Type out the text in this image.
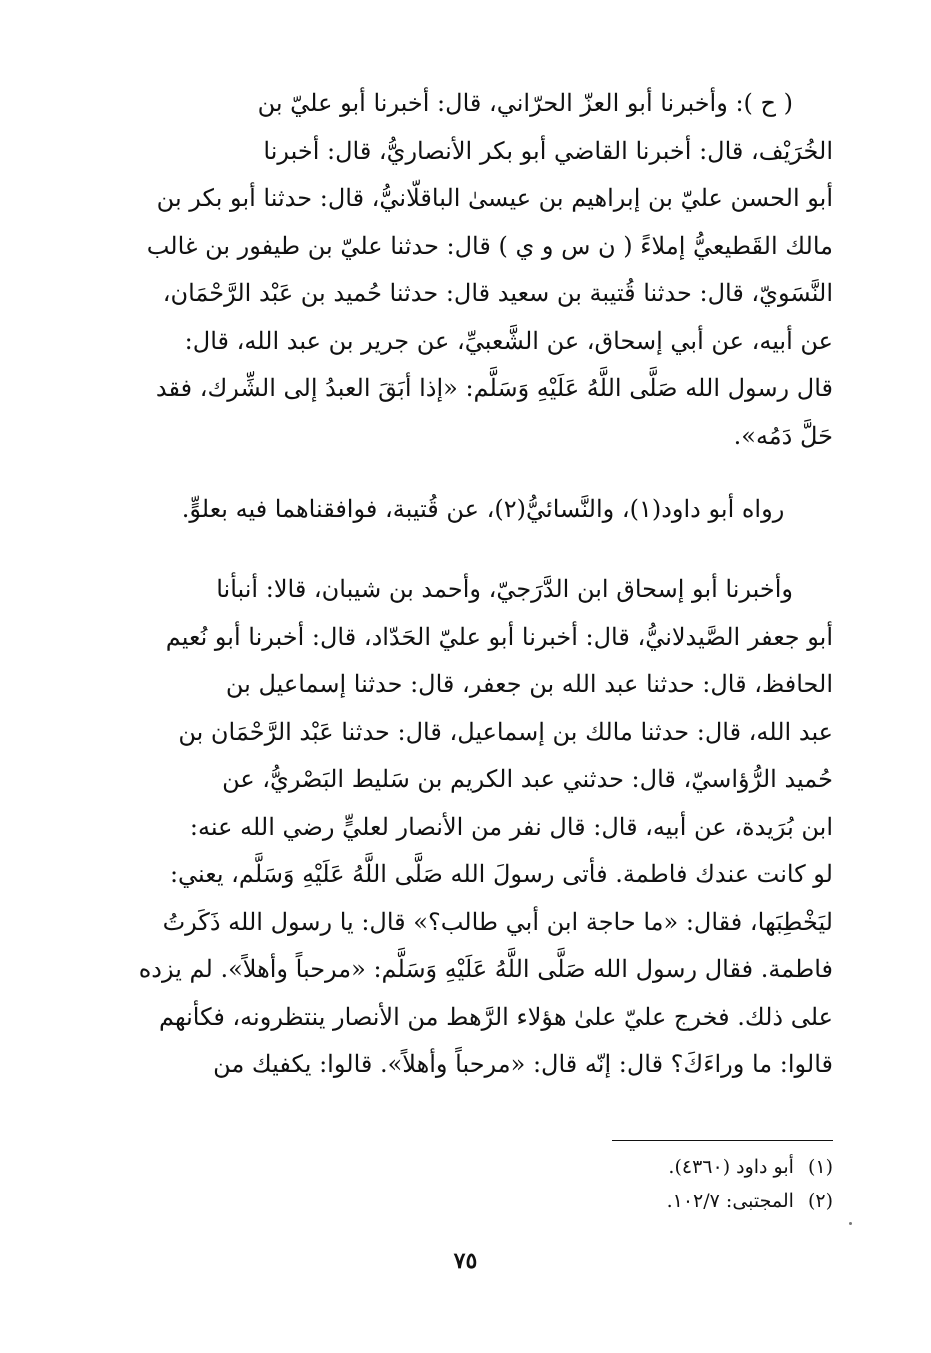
( ح ): وأخبرنا أبو العزّ الحرّاني، قال: أخبرنا أبو عليّ بن
الخُرَيْف، قال: أخبرنا القاضي أبو بكر الأنصاريُّ، قال: أخبرنا
أبو الحسن عليّ بن إبراهيم بن عيسىٰ الباقلّانيُّ، قال: حدثنا أبو بكر بن
مالك القَطيعيُّ إملاءً ( ن س و ي ) قال: حدثنا عليّ بن طيفور بن غالب
النَّسَويّ، قال: حدثنا قُتيبة بن سعيد قال: حدثنا حُميد بن عَبْد الرَّحْمَان،
عن أبيه، عن أبي إسحاق، عن الشَّعبيِّ، عن جرير بن عبد الله، قال:
قال رسول الله صَلَّى اللَّهُ عَلَيْهِ وَسَلَّم: «إذا أبَقَ العبدُ إلى الشِّرك، فقد
حَلَّ دَمُه».
رواه أبو داود(١)، والنَّسائيُّ(٢)، عن قُتيبة، فوافقناهما فيه بعلوٍّ.
وأخبرنا أبو إسحاق ابن الدَّرَجيّ، وأحمد بن شيبان، قالا: أنبأنا
أبو جعفر الصَّيدلانيُّ، قال: أخبرنا أبو عليّ الحَدّاد، قال: أخبرنا أبو نُعيم
الحافظ، قال: حدثنا عبد الله بن جعفر، قال: حدثنا إسماعيل بن
عبد الله، قال: حدثنا مالك بن إسماعيل، قال: حدثنا عَبْد الرَّحْمَان بن
حُميد الرُّؤاسيّ، قال: حدثني عبد الكريم بن سَليط البَصْريُّ، عن
ابن بُرَيدة، عن أبيه، قال: قال نفر من الأنصار لعليٍّ رضي الله عنه:
لو كانت عندك فاطمة. فأتى رسولَ الله صَلَّى اللَّهُ عَلَيْهِ وَسَلَّم، يعني:
ليَخْطِبَها، فقال: «ما حاجة ابن أبي طالب؟» قال: يا رسول الله ذَكَرتُ
فاطمة. فقال رسول الله صَلَّى اللَّهُ عَلَيْهِ وَسَلَّم: «مرحباً وأهلاً». لم يزده
على ذلك. فخرج عليّ علىٰ هؤلاء الرَّهط من الأنصار ينتظرونه، فكأنهم
قالوا: ما وراءَكَ؟ قال: إنّه قال: «مرحباً وأهلاً». قالوا: يكفيك من
(١)أبو داود (٤٣٦٠).
(٢)المجتبى: ١٠٢/٧.
٧٥
